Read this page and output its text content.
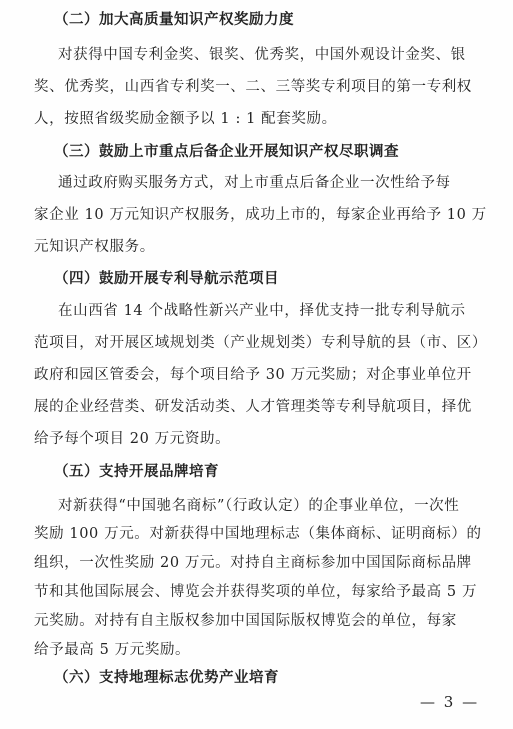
（二）加大高质量知识产权奖励力度
对获得中国专利金奖、银奖、优秀奖，中国外观设计金奖、银
奖、优秀奖，山西省专利奖一、二、三等奖专利项目的第一专利权
人，按照省级奖励金额予以 1 : 1 配套奖励。
（三）鼓励上市重点后备企业开展知识产权尽职调查
通过政府购买服务方式，对上市重点后备企业一次性给予每
家企业 10 万元知识产权服务，成功上市的，每家企业再给予 10 万
元知识产权服务。
（四）鼓励开展专利导航示范项目
在山西省 14 个战略性新兴产业中，择优支持一批专利导航示
范项目，对开展区域规划类（产业规划类）专利导航的县（市、区）
政府和园区管委会，每个项目给予 30 万元奖励；对企事业单位开
展的企业经营类、研发活动类、人才管理类等专利导航项目，择优
给予每个项目 20 万元资助。
（五）支持开展品牌培育
对新获得“中国驰名商标”（行政认定）的企事业单位，一次性
奖励 100 万元。对新获得中国地理标志（集体商标、证明商标）的
组织，一次性奖励 20 万元。对持自主商标参加中国国际商标品牌
节和其他国际展会、博览会并获得奖项的单位，每家给予最高 5 万
元奖励。对持有自主版权参加中国国际版权博览会的单位，每家
给予最高 5 万元奖励。
— 3 —
（六）支持地理标志优势产业培育
